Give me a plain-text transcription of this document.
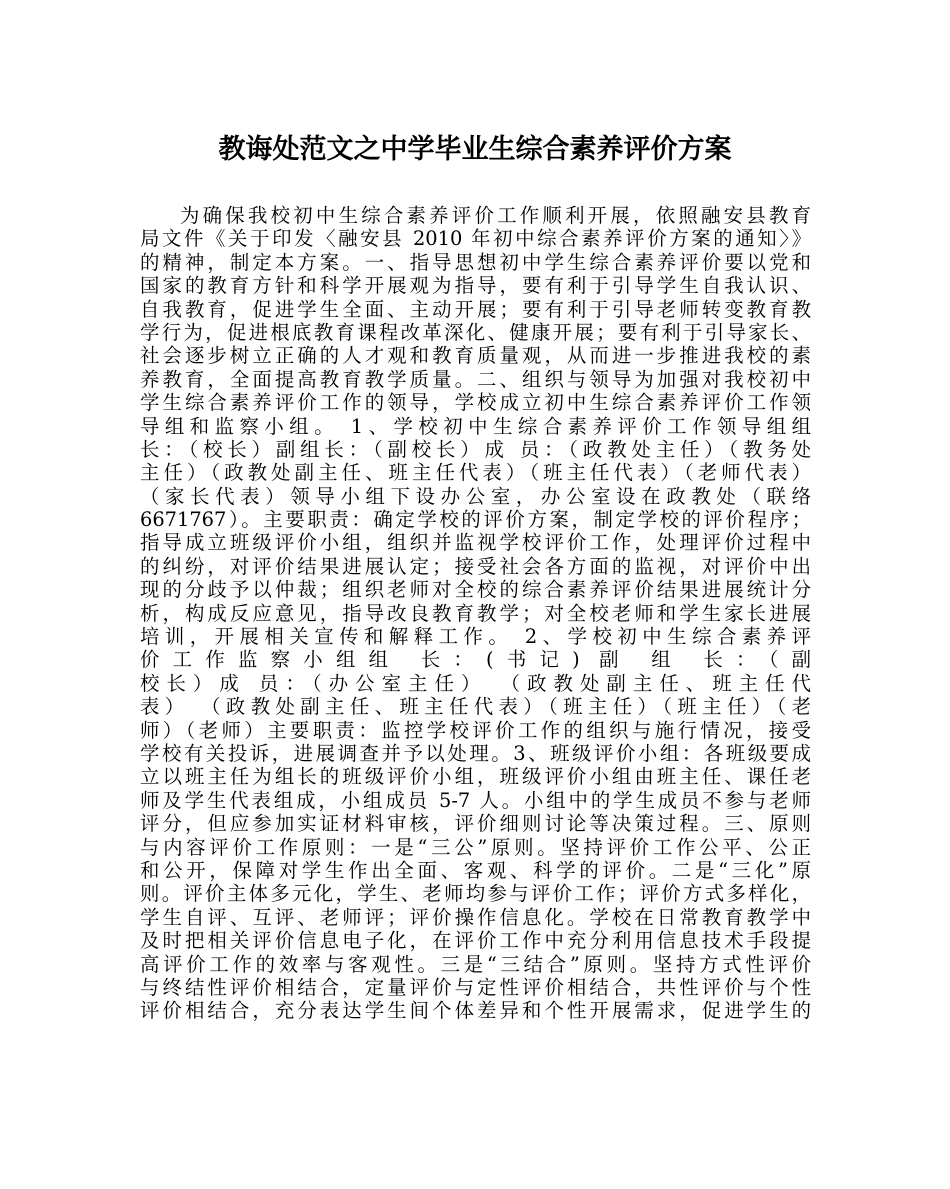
教诲处范文之中学毕业生综合素养评价方案
为确保我校初中生综合素养评价工作顺利开展，依照融安县教育
局文件《关于印发〈融安县 2010 年初中综合素养评价方案的通知〉》
的精神，制定本方案。一、指导思想初中学生综合素养评价要以党和
国家的教育方针和科学开展观为指导，要有利于引导学生自我认识、
自我教育，促进学生全面、主动开展；要有利于引导老师转变教育教
学行为，促进根底教育课程改革深化、健康开展；要有利于引导家长、
社会逐步树立正确的人才观和教育质量观，从而进一步推进我校的素
养教育，全面提高教育教学质量。二、组织与领导为加强对我校初中
学生综合素养评价工作的领导，学校成立初中生综合素养评价工作领
导组和监察小组。 1、学校初中生综合素养评价工作领导组组
长：（校长）副组长：（副校长）成 员：（政教处主任）（教务处
主任）（政教处副主任、班主任代表）（班主任代表）（老师代表）
（家长代表）领导小组下设办公室，办公室设在政教处（联络
6671767）。主要职责：确定学校的评价方案，制定学校的评价程序；
指导成立班级评价小组，组织并监视学校评价工作，处理评价过程中
的纠纷，对评价结果进展认定；接受社会各方面的监视，对评价中出
现的分歧予以仲裁；组织老师对全校的综合素养评价结果进展统计分
析，构成反应意见，指导改良教育教学；对全校老师和学生家长进展
培训，开展相关宣传和解释工作。 2、学校初中生综合素养评
价工作监察小组组 长：(书记) 副 组 长：（副
校长）成 员：（办公室主任） （政教处副主任、班主任代
表） （政教处副主任、班主任代表）（班主任）（班主任）（老
师）（老师）主要职责：监控学校评价工作的组织与施行情况，接受
学校有关投诉，进展调查并予以处理。3、班级评价小组：各班级要成
立以班主任为组长的班级评价小组，班级评价小组由班主任、课任老
师及学生代表组成，小组成员 5-7 人。小组中的学生成员不参与老师
评分，但应参加实证材料审核，评价细则讨论等决策过程。三、原则
与内容评价工作原则：一是“三公”原则。坚持评价工作公平、公正
和公开，保障对学生作出全面、客观、科学的评价。二是“三化”原
则。评价主体多元化，学生、老师均参与评价工作；评价方式多样化，
学生自评、互评、老师评；评价操作信息化。学校在日常教育教学中
及时把相关评价信息电子化，在评价工作中充分利用信息技术手段提
高评价工作的效率与客观性。三是“三结合”原则。坚持方式性评价
与终结性评价相结合，定量评价与定性评价相结合，共性评价与个性
评价相结合，充分表达学生间个体差异和个性开展需求，促进学生的
